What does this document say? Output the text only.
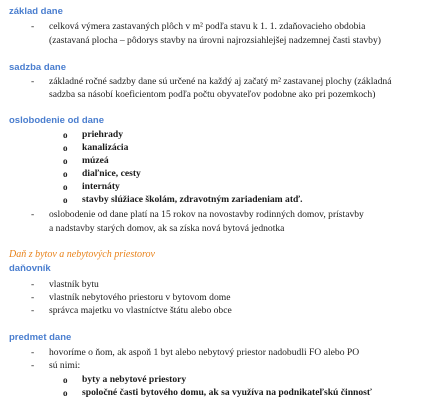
základ dane
- celková výmera zastavaných plôch v m² podľa stavu k 1. 1. zdaňovacieho obdobia
(zastavaná plocha – pôdorys stavby na úrovni najrozsiahlejšej nadzemnej časti stavby)
sadzba dane
- základné ročné sadzby dane sú určené na každý aj začatý m² zastavanej plochy (základná
sadzba sa násobí koeficientom podľa počtu obyvateľov podobne ako pri pozemkoch)
oslobodenie od dane
o priehrady
o kanalizácia
o múzeá
o diaľnice, cesty
o internáty
o stavby slúžiace školám, zdravotným zariadeniam atď.
- oslobodenie od dane platí na 15 rokov na novostavby rodinných domov, prístavby
a nadstavby starých domov, ak sa získa nová bytová jednotka
Daň z bytov a nebytových priestorov
daňovník
- vlastník bytu
- vlastník nebytového priestoru v bytovom dome
- správca majetku vo vlastníctve štátu alebo obce
predmet dane
- hovoríme o ňom, ak aspoň 1 byt alebo nebytový priestor nadobudli FO alebo PO
- sú nimi:
o byty a nebytové priestory
o spoločné časti bytového domu, ak sa využíva na podnikateľskú činnosť
